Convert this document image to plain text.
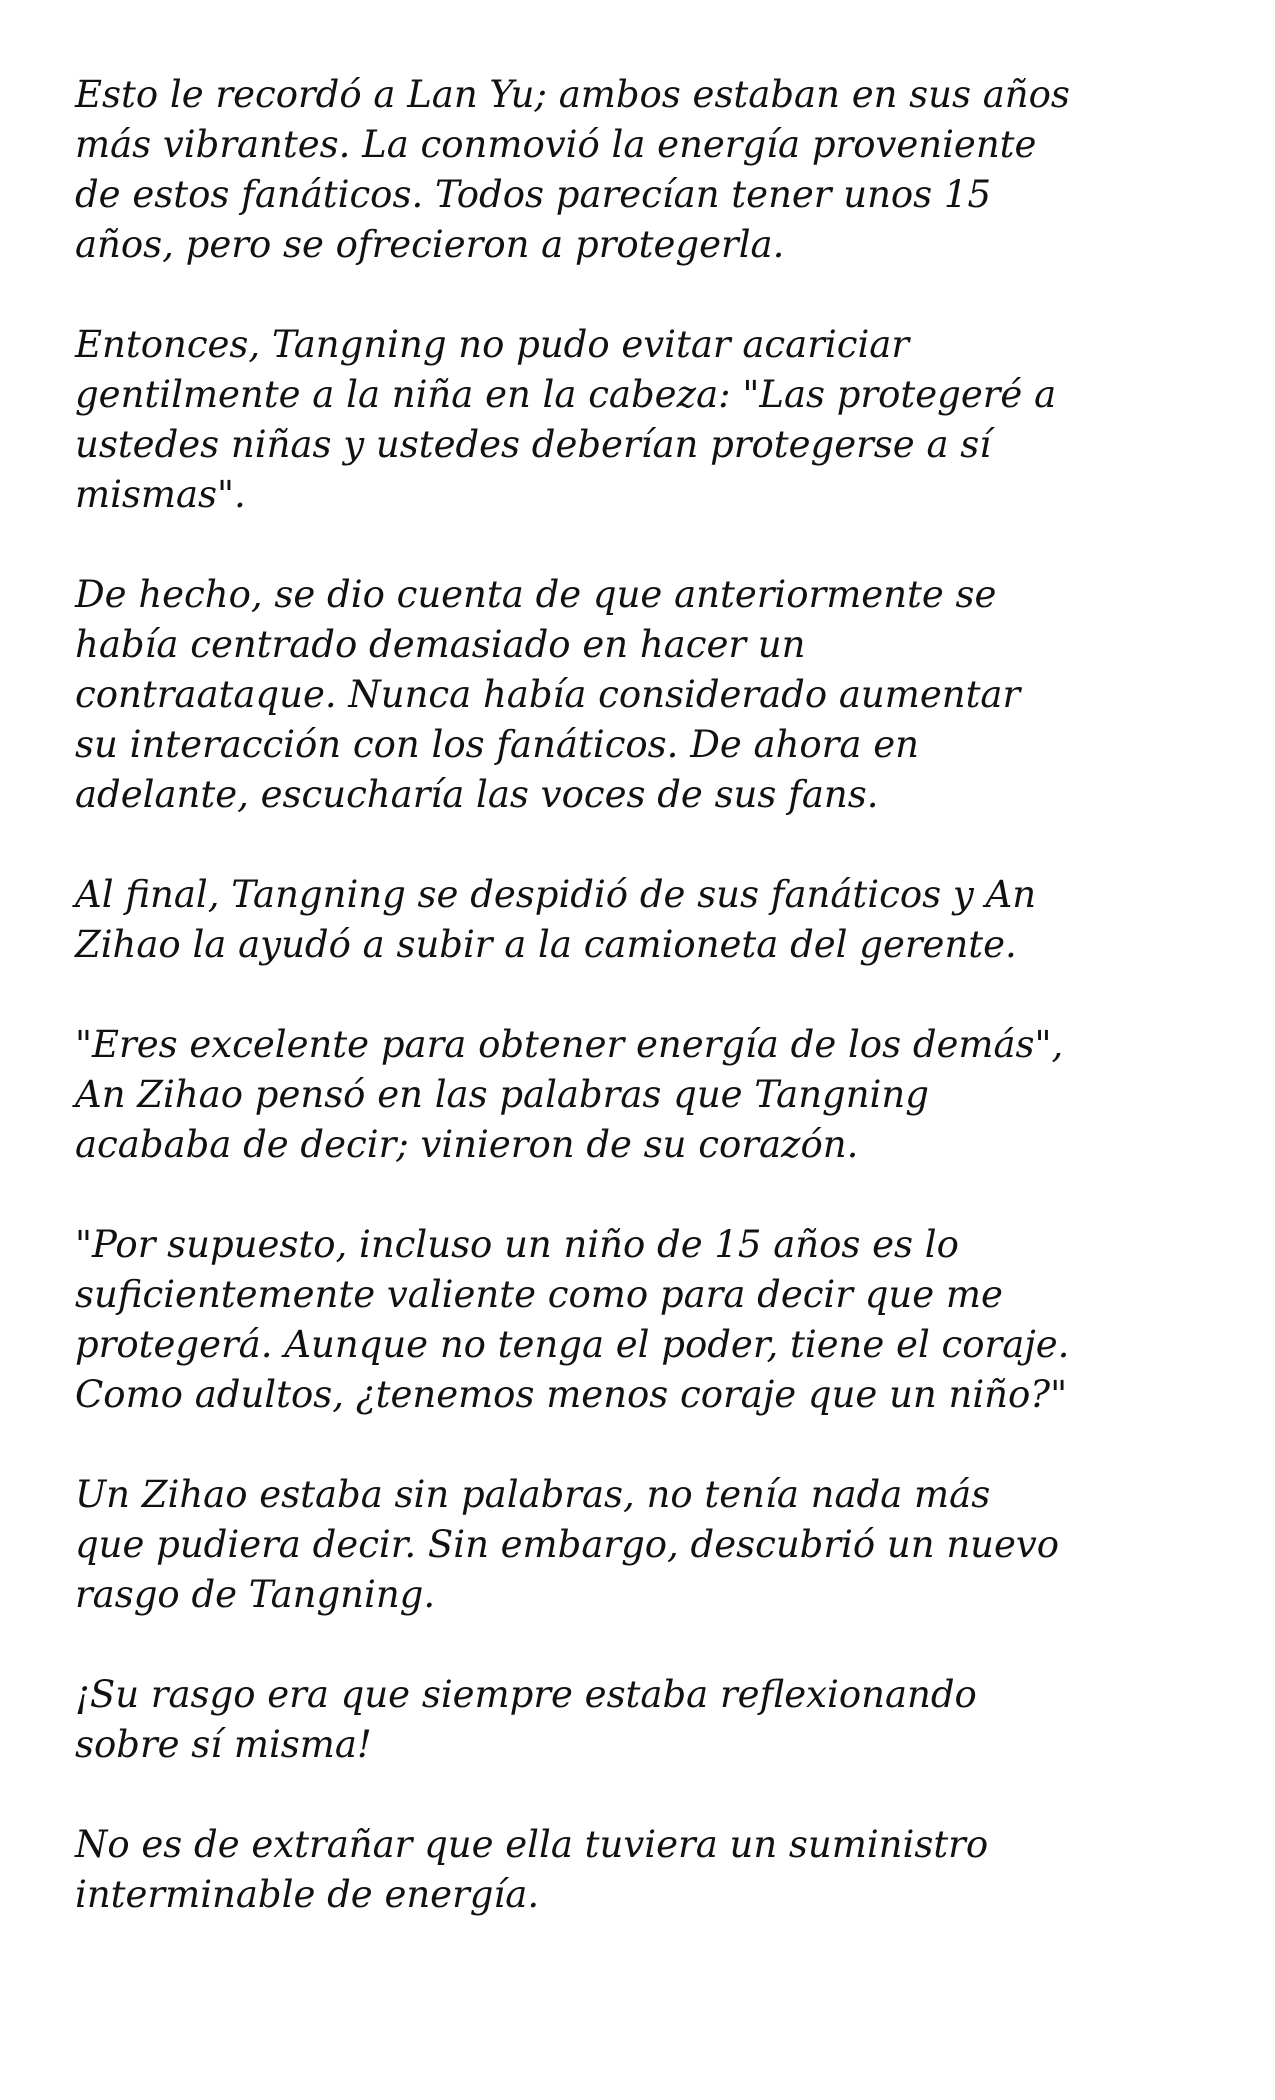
Esto le recordó a Lan Yu; ambos estaban en sus años
más vibrantes. La conmovió la energía proveniente
de estos fanáticos. Todos parecían tener unos 15
años, pero se ofrecieron a protegerla.

Entonces, Tangning no pudo evitar acariciar
gentilmente a la niña en la cabeza: "Las protegeré a
ustedes niñas y ustedes deberían protegerse a sí
mismas".

De hecho, se dio cuenta de que anteriormente se
había centrado demasiado en hacer un
contraataque. Nunca había considerado aumentar
su interacción con los fanáticos. De ahora en
adelante, escucharía las voces de sus fans.

Al final, Tangning se despidió de sus fanáticos y An
Zihao la ayudó a subir a la camioneta del gerente.

"Eres excelente para obtener energía de los demás",
An Zihao pensó en las palabras que Tangning
acababa de decir; vinieron de su corazón.

"Por supuesto, incluso un niño de 15 años es lo
suficientemente valiente como para decir que me
protegerá. Aunque no tenga el poder, tiene el coraje.
Como adultos, ¿tenemos menos coraje que un niño?"

Un Zihao estaba sin palabras, no tenía nada más
que pudiera decir. Sin embargo, descubrió un nuevo
rasgo de Tangning.

¡Su rasgo era que siempre estaba reflexionando
sobre sí misma!

No es de extrañar que ella tuviera un suministro
interminable de energía.
